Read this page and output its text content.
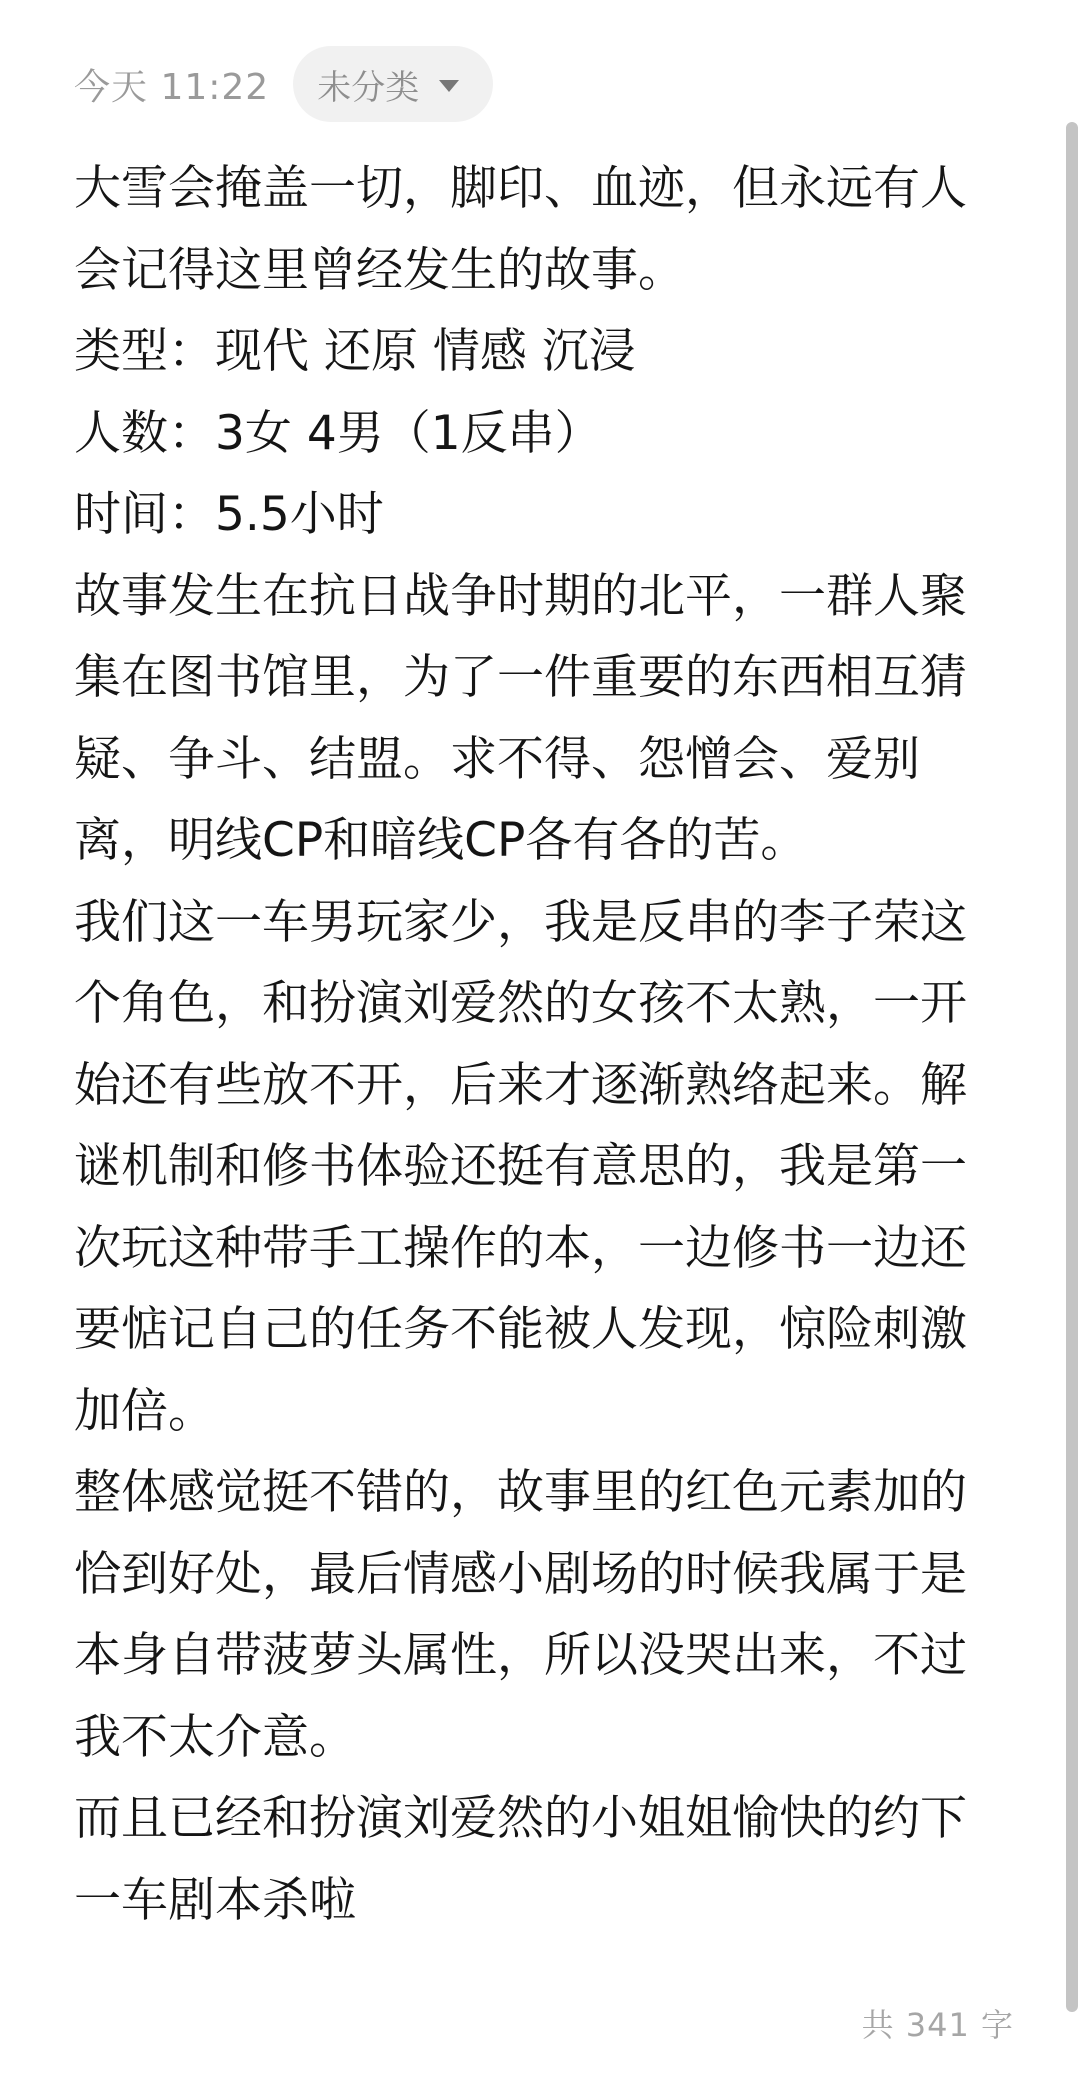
今天 11:22 未分类

大雪会掩盖一切，脚印、血迹，但永远有人会记得这里曾经发生的故事。

类型：现代 还原 情感 沉浸

人数：3女 4男（1反串）

时间：5.5小时

故事发生在抗日战争时期的北平，一群人聚集在图书馆里，为了一件重要的东西相互猜疑、争斗、结盟。求不得、怨憎会、爱别离，明线CP和暗线CP各有各的苦。

我们这一车男玩家少，我是反串的李子荣这个角色，和扮演刘爱然的女孩不太熟，一开始还有些放不开，后来才逐渐熟络起来。解谜机制和修书体验还挺有意思的，我是第一次玩这种带手工操作的本，一边修书一边还要惦记自己的任务不能被人发现，惊险刺激加倍。

整体感觉挺不错的，故事里的红色元素加的恰到好处，最后情感小剧场的时候我属于是本身自带菠萝头属性，所以没哭出来，不过我不太介意。

而且已经和扮演刘爱然的小姐姐愉快的约下一车剧本杀啦

共 341 字
